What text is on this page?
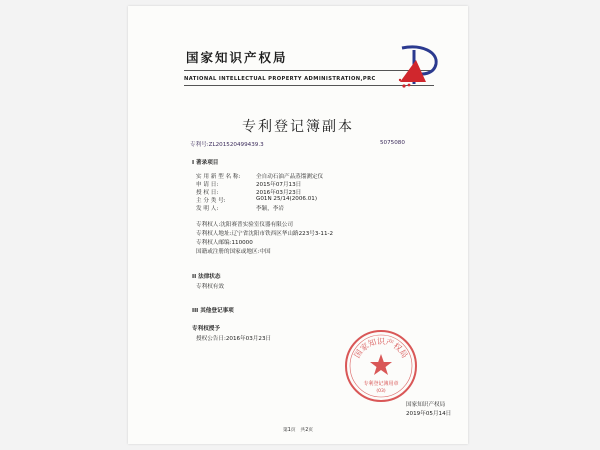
国家知识产权局
NATIONAL INTELLECTUAL PROPERTY ADMINISTRATION,PRC
专利登记簿副本
专利号:ZL201520499439.3	5075080
I 著录项目
实 用 新 型 名 称:	全自动石油产品蒸馏测定仪
申 请 日:	2015年07月13日
授 权 日:	2016年03月23日
主 分 类 号:	G01N 25/14(2006.01)
发 明 人:	李颖，李岩
专利权人:沈阳赛普实验室仪器有限公司
专利权人地址:辽宁省沈阳市铁西区华山路223号3-11-2
专利权人邮编:110000
国籍或注册的国家或地区:中国
II 法律状态
专利权有效
III 其他登记事项
专利权授予
授权公告日:2016年03月23日
国家知识产权局
专利登记簿用章
(03)
国家知识产权局
2019年05月14日
第1页　共2页
